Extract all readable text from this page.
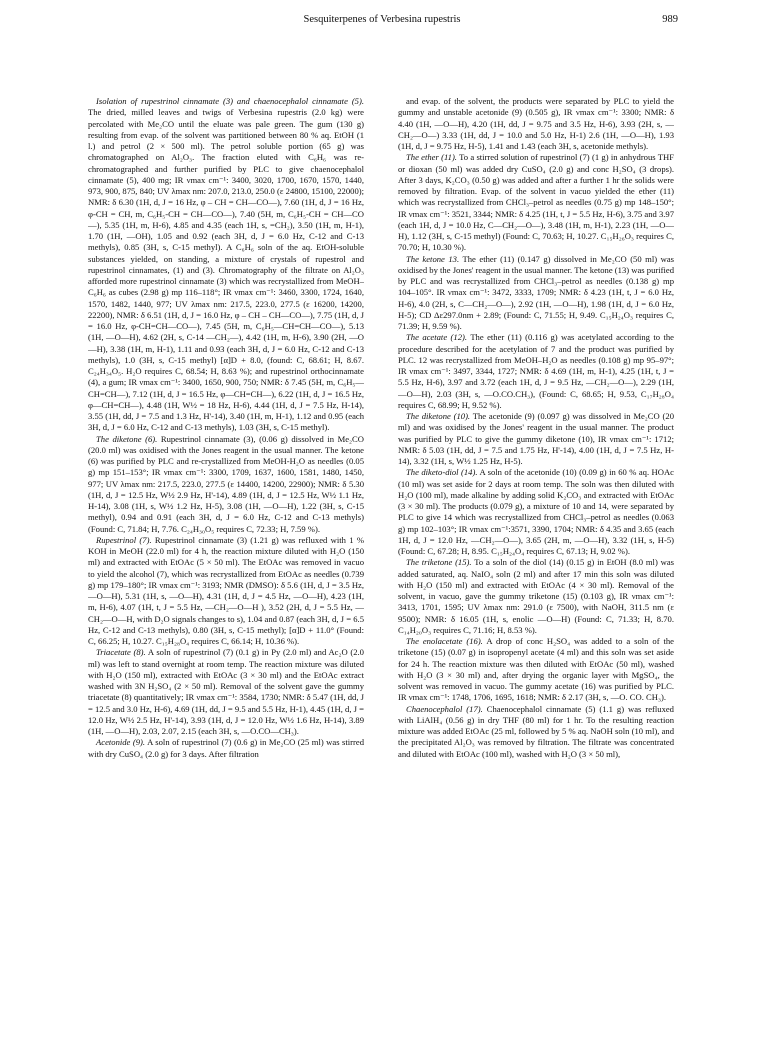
Sesquiterpenes of Verbesina rupestris	989

Isolation of rupestrinol cinnamate (3) and chaenocephalol cinnamate (5). The dried, milled leaves and twigs of Verbesina rupestris (2.0 kg) were percolated with Me₂CO until the eluate was pale green. The gum (130 g) resulting from evap. of the solvent was partitioned between 80 % aq. EtOH (1 l.) and petrol (2 × 500 ml). The petrol soluble portion (65 g) was chromatographed on Al₂O₃. The fraction eluted with C₆H₆ was re-chromatographed and further purified by PLC to give chaenocephalol cinnamate (5), 400 mg; IR νmax cm⁻¹: 3400, 3020, 1700, 1670, 1570, 1440, 973, 900, 875, 840; UV λmax nm: 207.0, 213.0, 250.0 (ε 24800, 15100, 22000); NMR: δ 6.30 (1H, d, J = 16 Hz, φ – CH = CH—CO—), 7.60 (1H, d, J = 16 Hz, φ-CH = CH, m, C₆H₅-CH = CH—CO—), 7.40 (5H, m, C₆H₅-CH = CH—CO—), 5.35 (1H, m, H-6), 4.85 and 4.35 (each 1H, s, =CH₂), 3.50 (1H, m, H-1), 1.70 (1H, —OH), 1.05 and 0.92 (each 3H, d, J = 6.0 Hz, C-12 and C-13 methyls), 0.85 (3H, s, C-15 methyl). A C₆H₆ soln of the aq. EtOH-soluble substances yielded, on standing, a mixture of crystals of rupestrol and rupestrinol cinnamates, (1) and (3). Chromatography of the filtrate on Al₂O₃ afforded more rupestrinol cinnamate (3) which was recrystallized from MeOH–C₆H₆ as cubes (2.98 g) mp 116–118°; IR νmax cm⁻¹: 3460, 3300, 1724, 1640, 1570, 1482, 1440, 977; UV λmax nm: 217.5, 223.0, 277.5 (ε 16200, 14200, 22200), NMR: δ 6.51 (1H, d, J = 16.0 Hz, φ – CH – CH—CO—), 7.75 (1H, d, J = 16.0 Hz, φ-CH=CH—CO—), 7.45 (5H, m, C₆H₅—CH=CH—CO—), 5.13 (1H, —O—H), 4.62 (2H, s, C-14 —CH₂—), 4.42 (1H, m, H-6), 3.90 (2H, —O—H), 3.38 (1H, m, H-1), 1.11 and 0.93 (each 3H, d, J = 6.0 Hz, C-12 and C-13 methyls), 1.0 (3H, s, C-15 methyl) [α]D + 8.0, (found: C, 68.61; H, 8.67. C₂₄H₃₄O₅. H₂O requires C, 68.54; H, 8.63 %); and rupestrinol orthocinnamate (4), a gum; IR νmax cm⁻¹: 3400, 1650, 900, 750; NMR: δ 7.45 (5H, m, C₆H₅—CH=CH—), 7.12 (1H, d, J = 16.5 Hz, φ—CH=CH—), 6.22 (1H, d, J = 16.5 Hz, φ—CH=CH—), 4.48 (1H, W½ = 18 Hz, H-6), 4.44 (1H, d, J = 7.5 Hz, H-14), 3.55 (1H, dd, J = 7.5 and 1.3 Hz, H'-14), 3.40 (1H, m, H-1), 1.12 and 0.95 (each 3H, d, J = 6.0 Hz, C-12 and C-13 methyls), 1.03 (3H, s, C-15 methyl).

The diketone (6). Rupestrinol cinnamate (3), (0.06 g) dissolved in Me₂CO (20.0 ml) was oxidised with the Jones reagent in the usual manner. The ketone (6) was purified by PLC and re-crystallized from MeOH-H₂O as needles (0.05 g) mp 151–153°; IR νmax cm⁻¹: 3300, 1709, 1637, 1600, 1581, 1480, 1450, 977; UV λmax nm: 217.5, 223.0, 277.5 (ε 14400, 14200, 22900); NMR: δ 5.30 (1H, d, J = 12.5 Hz, W½ 2.9 Hz, H'-14), 4.89 (1H, d, J = 12.5 Hz, W½ 1.1 Hz, H-14), 3.08 (1H, s, W½ 1.2 Hz, H-5), 3.08 (1H, —O—H), 1.22 (3H, s, C-15 methyl), 0.94 and 0.91 (each 3H, d, J = 6.0 Hz, C-12 and C-13 methyls) (Found: C, 71.84; H, 7.76. C₂₄H₃₀O₅ requires C, 72.33; H, 7.59 %).

Rupestrinol (7). Rupestrinol cinnamate (3) (1.21 g) was refluxed with 1 % KOH in MeOH (22.0 ml) for 4 h, the reaction mixture diluted with H₂O (150 ml) and extracted with EtOAc (5 × 50 ml). The EtOAc was removed in vacuo to yield the alcohol (7), which was recrystallized from EtOAc as needles (0.739 g) mp 179–180°; IR νmax cm⁻¹: 3193; NMR (DMSO): δ 5.6 (1H, d, J = 3.5 Hz, —O—H), 5.31 (1H, s, —O—H), 4.31 (1H, d, J = 4.5 Hz, —O—H), 4.23 (1H, m, H-6), 4.07 (1H, t, J = 5.5 Hz, —CH₂—O—H ), 3.52 (2H, d, J = 5.5 Hz, —CH₂—O—H, with D₂O signals changes to s), 1.04 and 0.87 (each 3H, d, J = 6.5 Hz, C-12 and C-13 methyls), 0.80 (3H, s, C-15 methyl); [α]D + 11.0° (Found: C, 66.25; H, 10.27. C₁₅H₂₈O₄ requires C, 66.14; H, 10.36 %).

Triacetate (8). A soln of rupestrinol (7) (0.1 g) in Py (2.0 ml) and Ac₂O (2.0 ml) was left to stand overnight at room temp. The reaction mixture was diluted with H₂O (150 ml), extracted with EtOAc (3 × 30 ml) and the EtOAc extract washed with 3N H₂SO₄ (2 × 50 ml). Removal of the solvent gave the gummy triacetate (8) quantitatively; IR νmax cm⁻¹: 3584, 1730; NMR: δ 5.47 (1H, dd, J = 12.5 and 3.0 Hz, H-6), 4.69 (1H, dd, J = 9.5 and 5.5 Hz, H-1), 4.45 (1H, d, J = 12.0 Hz, W½ 2.5 Hz, H'-14), 3.93 (1H, d, J = 12.0 Hz, W½ 1.6 Hz, H-14), 3.89 (1H, —O—H), 2.03, 2.07, 2.15 (each 3H, s, —O.CO—CH₃).

Acetonide (9). A soln of rupestrinol (7) (0.6 g) in Me₂CO (25 ml) was stirred with dry CuSO₄ (2.0 g) for 3 days. After filtration

and evap. of the solvent, the products were separated by PLC to yield the gummy and unstable acetonide (9) (0.505 g), IR νmax cm⁻¹: 3300; NMR: δ 4.40 (1H, —O—H), 4.20 (1H, dd, J = 9.75 and 3.5 Hz, H-6), 3.93 (2H, s, —CH₂—O—) 3.33 (1H, dd, J = 10.0 and 5.0 Hz, H-1) 2.6 (1H, —O—H), 1.93 (1H, d, J = 9.75 Hz, H-5), 1.41 and 1.43 (each 3H, s, acetonide methyls).

The ether (11). To a stirred solution of rupestrinol (7) (1 g) in anhydrous THF or dioxan (50 ml) was added dry CuSO₄ (2.0 g) and conc H₂SO₄ (3 drops). After 3 days, K₂CO₃ (0.50 g) was added and after a further 1 hr the solids were removed by filtration. Evap. of the solvent in vacuo yielded the ether (11) which was recrystallized from CHCl₃–petrol as needles (0.75 g) mp 148–150°; IR νmax cm⁻¹: 3521, 3344; NMR: δ 4.25 (1H, t, J = 5.5 Hz, H-6), 3.75 and 3.97 (each 1H, d, J = 10.0 Hz, C—CH₂—O—), 3.48 (1H, m, H-1), 2.23 (1H, —O—H), 1.12 (3H, s, C-15 methyl) (Found: C, 70.63; H, 10.27. C₁₅H₂₆O₃ requires C, 70.70; H, 10.30 %).

The ketone 13. The ether (11) (0.147 g) dissolved in Me₂CO (50 ml) was oxidised by the Jones' reagent in the usual manner. The ketone (13) was purified by PLC and was recrystallized from CHCl₃–petrol as needles (0.138 g) mp 104–105°. IR νmax cm⁻¹: 3472, 3333, 1709; NMR: δ 4.23 (1H, t, J = 6.0 Hz, H-6), 4.0 (2H, s, C—CH₂—O—), 2.92 (1H, —O—H), 1.98 (1H, d, J = 6.0 Hz, H-5); CD Δε297.0nm + 2.89; (Found: C, 71.55; H, 9.49. C₁₅H₂₄O₃ requires C, 71.39; H, 9.59 %).

The acetate (12). The ether (11) (0.116 g) was acetylated according to the procedure described for the acetylation of 7 and the product was purified by PLC. 12 was recrystallized from MeOH–H₂O as needles (0.108 g) mp 95–97°; IR νmax cm⁻¹: 3497, 3344, 1727; NMR: δ 4.69 (1H, m, H-1), 4.25 (1H, t, J = 5.5 Hz, H-6), 3.97 and 3.72 (each 1H, d, J = 9.5 Hz, —CH₂—O—), 2.29 (1H, —O—H), 2.03 (3H, s, —O.CO.CH₃), (Found: C, 68.65; H, 9.53, C₁₇H₂₈O₄ requires C, 68.99; H, 9.52 %).

The diketone (10). The acetonide (9) (0.097 g) was dissolved in Me₂CO (20 ml) and was oxidised by the Jones' reagent in the usual manner. The product was purified by PLC to give the gummy diketone (10), IR νmax cm⁻¹: 1712; NMR: δ 5.03 (1H, dd, J = 7.5 and 1.75 Hz, H'-14), 4.00 (1H, d, J = 7.5 Hz, H-14), 3.32 (1H, s, W½ 1.25 Hz, H-5).

The diketo-diol (14). A soln of the acetonide (10) (0.09 g) in 60 % aq. HOAc (10 ml) was set aside for 2 days at room temp. The soln was then diluted with H₂O (100 ml), made alkaline by adding solid K₂CO₃ and extracted with EtOAc (3 × 30 ml). The products (0.079 g), a mixture of 10 and 14, were separated by PLC to give 14 which was recrystallized from CHCl₃–petrol as needles (0.063 g) mp 102–103°; IR νmax cm⁻¹:3571, 3390, 1704; NMR: δ 4.35 and 3.65 (each 1H, d, J = 12.0 Hz, —CH₂—O—), 3.65 (2H, m, —O—H), 3.32 (1H, s, H-5) (Found: C, 67.28; H, 8.95. C₁₅H₂₄O₄ requires C, 67.13; H, 9.02 %).

The triketone (15). To a soln of the diol (14) (0.15 g) in EtOH (8.0 ml) was added saturated, aq. NaIO₄ soln (2 ml) and after 17 min this soln was diluted with H₂O (150 ml) and extracted with EtOAc (4 × 30 ml). Removal of the solvent, in vacuo, gave the gummy triketone (15) (0.103 g), IR νmax cm⁻¹: 3413, 1701, 1595; UV λmax nm: 291.0 (ε 7500), with NaOH, 311.5 nm (ε 9500); NMR: δ 16.05 (1H, s, enolic —O—H) (Found: C, 71.33; H, 8.70. C₁₄H₂₀O₃ requires C, 71.16; H, 8.53 %).

The enolacetate (16). A drop of conc H₂SO₄ was added to a soln of the triketone (15) (0.07 g) in isopropenyl acetate (4 ml) and this soln was set aside for 24 h. The reaction mixture was then diluted with EtOAc (50 ml), washed with H₂O (3 × 30 ml) and, after drying the organic layer with MgSO₄, the solvent was removed in vacuo. The gummy acetate (16) was purified by PLC. IR νmax cm⁻¹: 1748, 1706, 1695, 1618; NMR: δ 2.17 (3H, s, —O. CO. CH₃).

Chaenocephalol (17). Chaenocephalol cinnamate (5) (1.1 g) was refluxed with LiAlH₄ (0.56 g) in dry THF (80 ml) for 1 hr. To the resulting reaction mixture was added EtOAc (25 ml, followed by 5 % aq. NaOH soln (10 ml), and the precipitated Al₂O₃ was removed by filtration. The filtrate was concentrated and diluted with EtOAc (100 ml), washed with H₂O (3 × 50 ml),
